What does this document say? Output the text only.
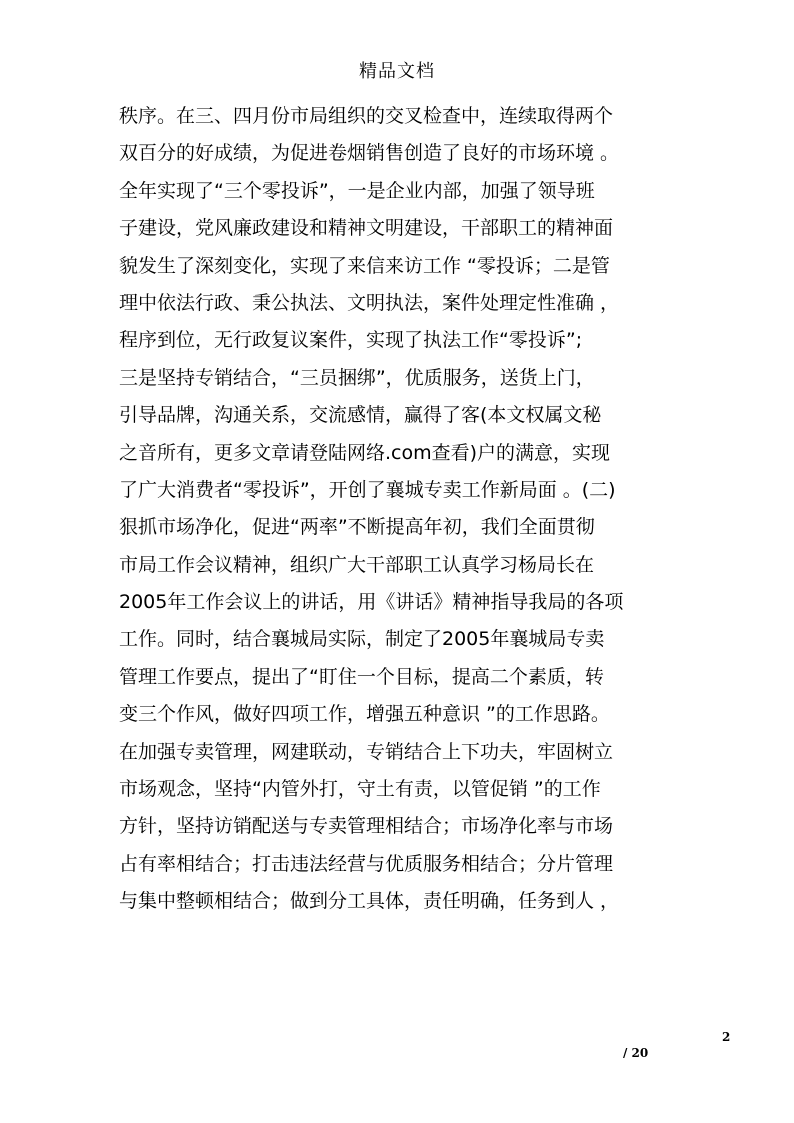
精品文档
秩序。在三、四月份市局组织的交叉检查中，连续取得两个
双百分的好成绩，为促进卷烟销售创造了良好的市场环境 。
全年实现了“三个零投诉”，一是企业内部，加强了领导班
子建设，党风廉政建设和精神文明建设，干部职工的精神面
貌发生了深刻变化，实现了来信来访工作 “零投诉；二是管
理中依法行政、秉公执法、文明执法，案件处理定性准确 ，
程序到位，无行政复议案件，实现了执法工作“零投诉”;
三是坚持专销结合，“三员捆绑”，优质服务，送货上门，
引导品牌，沟通关系，交流感情，赢得了客(本文权属文秘
之音所有，更多文章请登陆网络.com查看)户的满意，实现
了广大消费者“零投诉”，开创了襄城专卖工作新局面 。(二)
狠抓市场净化，促进“两率”不断提高年初，我们全面贯彻
市局工作会议精神，组织广大干部职工认真学习杨局长在
2005年工作会议上的讲话，用《讲话》精神指导我局的各项
工作。同时，结合襄城局实际，制定了2005年襄城局专卖
管理工作要点，提出了“盯住一个目标，提高二个素质，转
变三个作风，做好四项工作，增强五种意识 ”的工作思路。
在加强专卖管理，网建联动，专销结合上下功夫，牢固树立
市场观念，坚持“内管外打，守土有责，以管促销 ”的工作
方针，坚持访销配送与专卖管理相结合；市场净化率与市场
占有率相结合；打击违法经营与优质服务相结合；分片管理
与集中整顿相结合；做到分工具体，责任明确，任务到人 ，
2
/ 20
